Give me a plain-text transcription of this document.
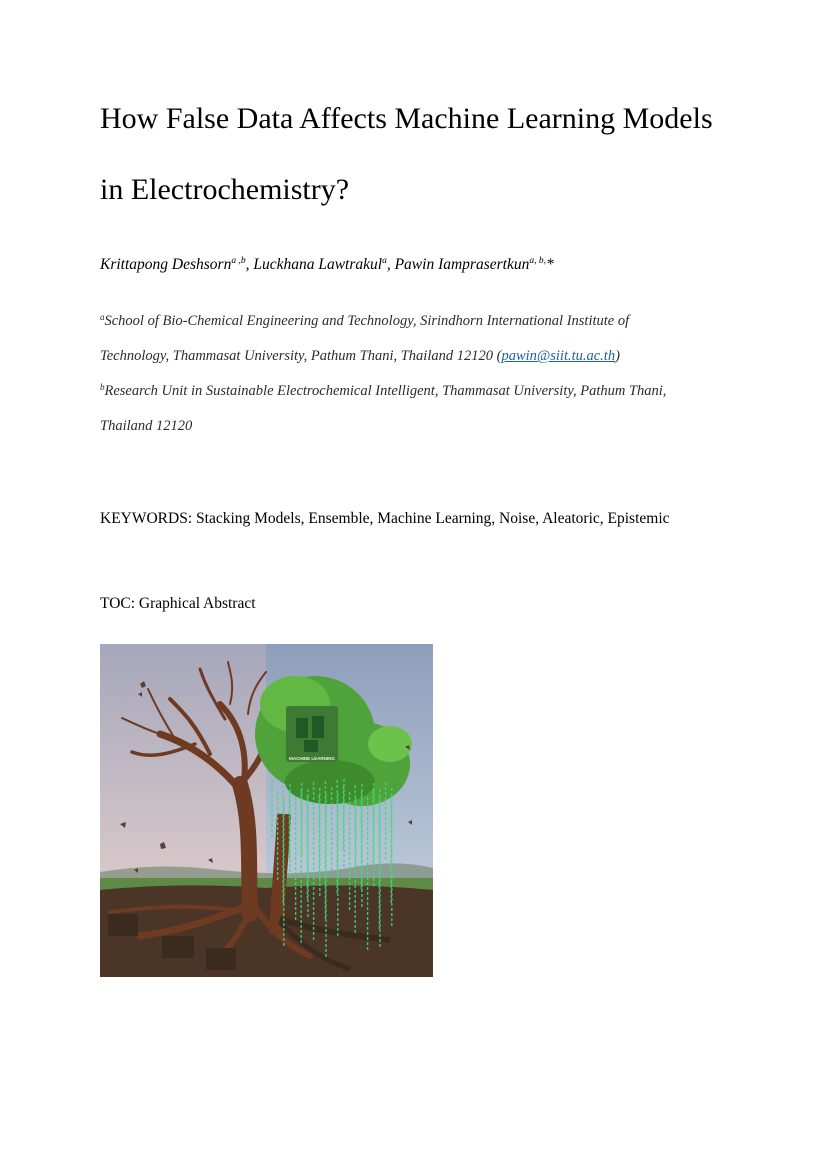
How False Data Affects Machine Learning Models
in Electrochemistry?
Krittapong Deshsorn$^{a ,b}$, Luckhana Lawtrakul$^a$, Pawin Iamprasertkun$^{a, b,}$*
$^a$School of Bio-Chemical Engineering and Technology, Sirindhorn International Institute of
Technology, Thammasat University, Pathum Thani, Thailand 12120 (pawin@siit.tu.ac.th)
$^b$Research Unit in Sustainable Electrochemical Intelligent, Thammasat University, Pathum Thani,
Thailand 12120
KEYWORDS: Stacking Models, Ensemble, Machine Learning, Noise, Aleatoric, Epistemic
TOC: Graphical Abstract
MACHINE LEARNING
